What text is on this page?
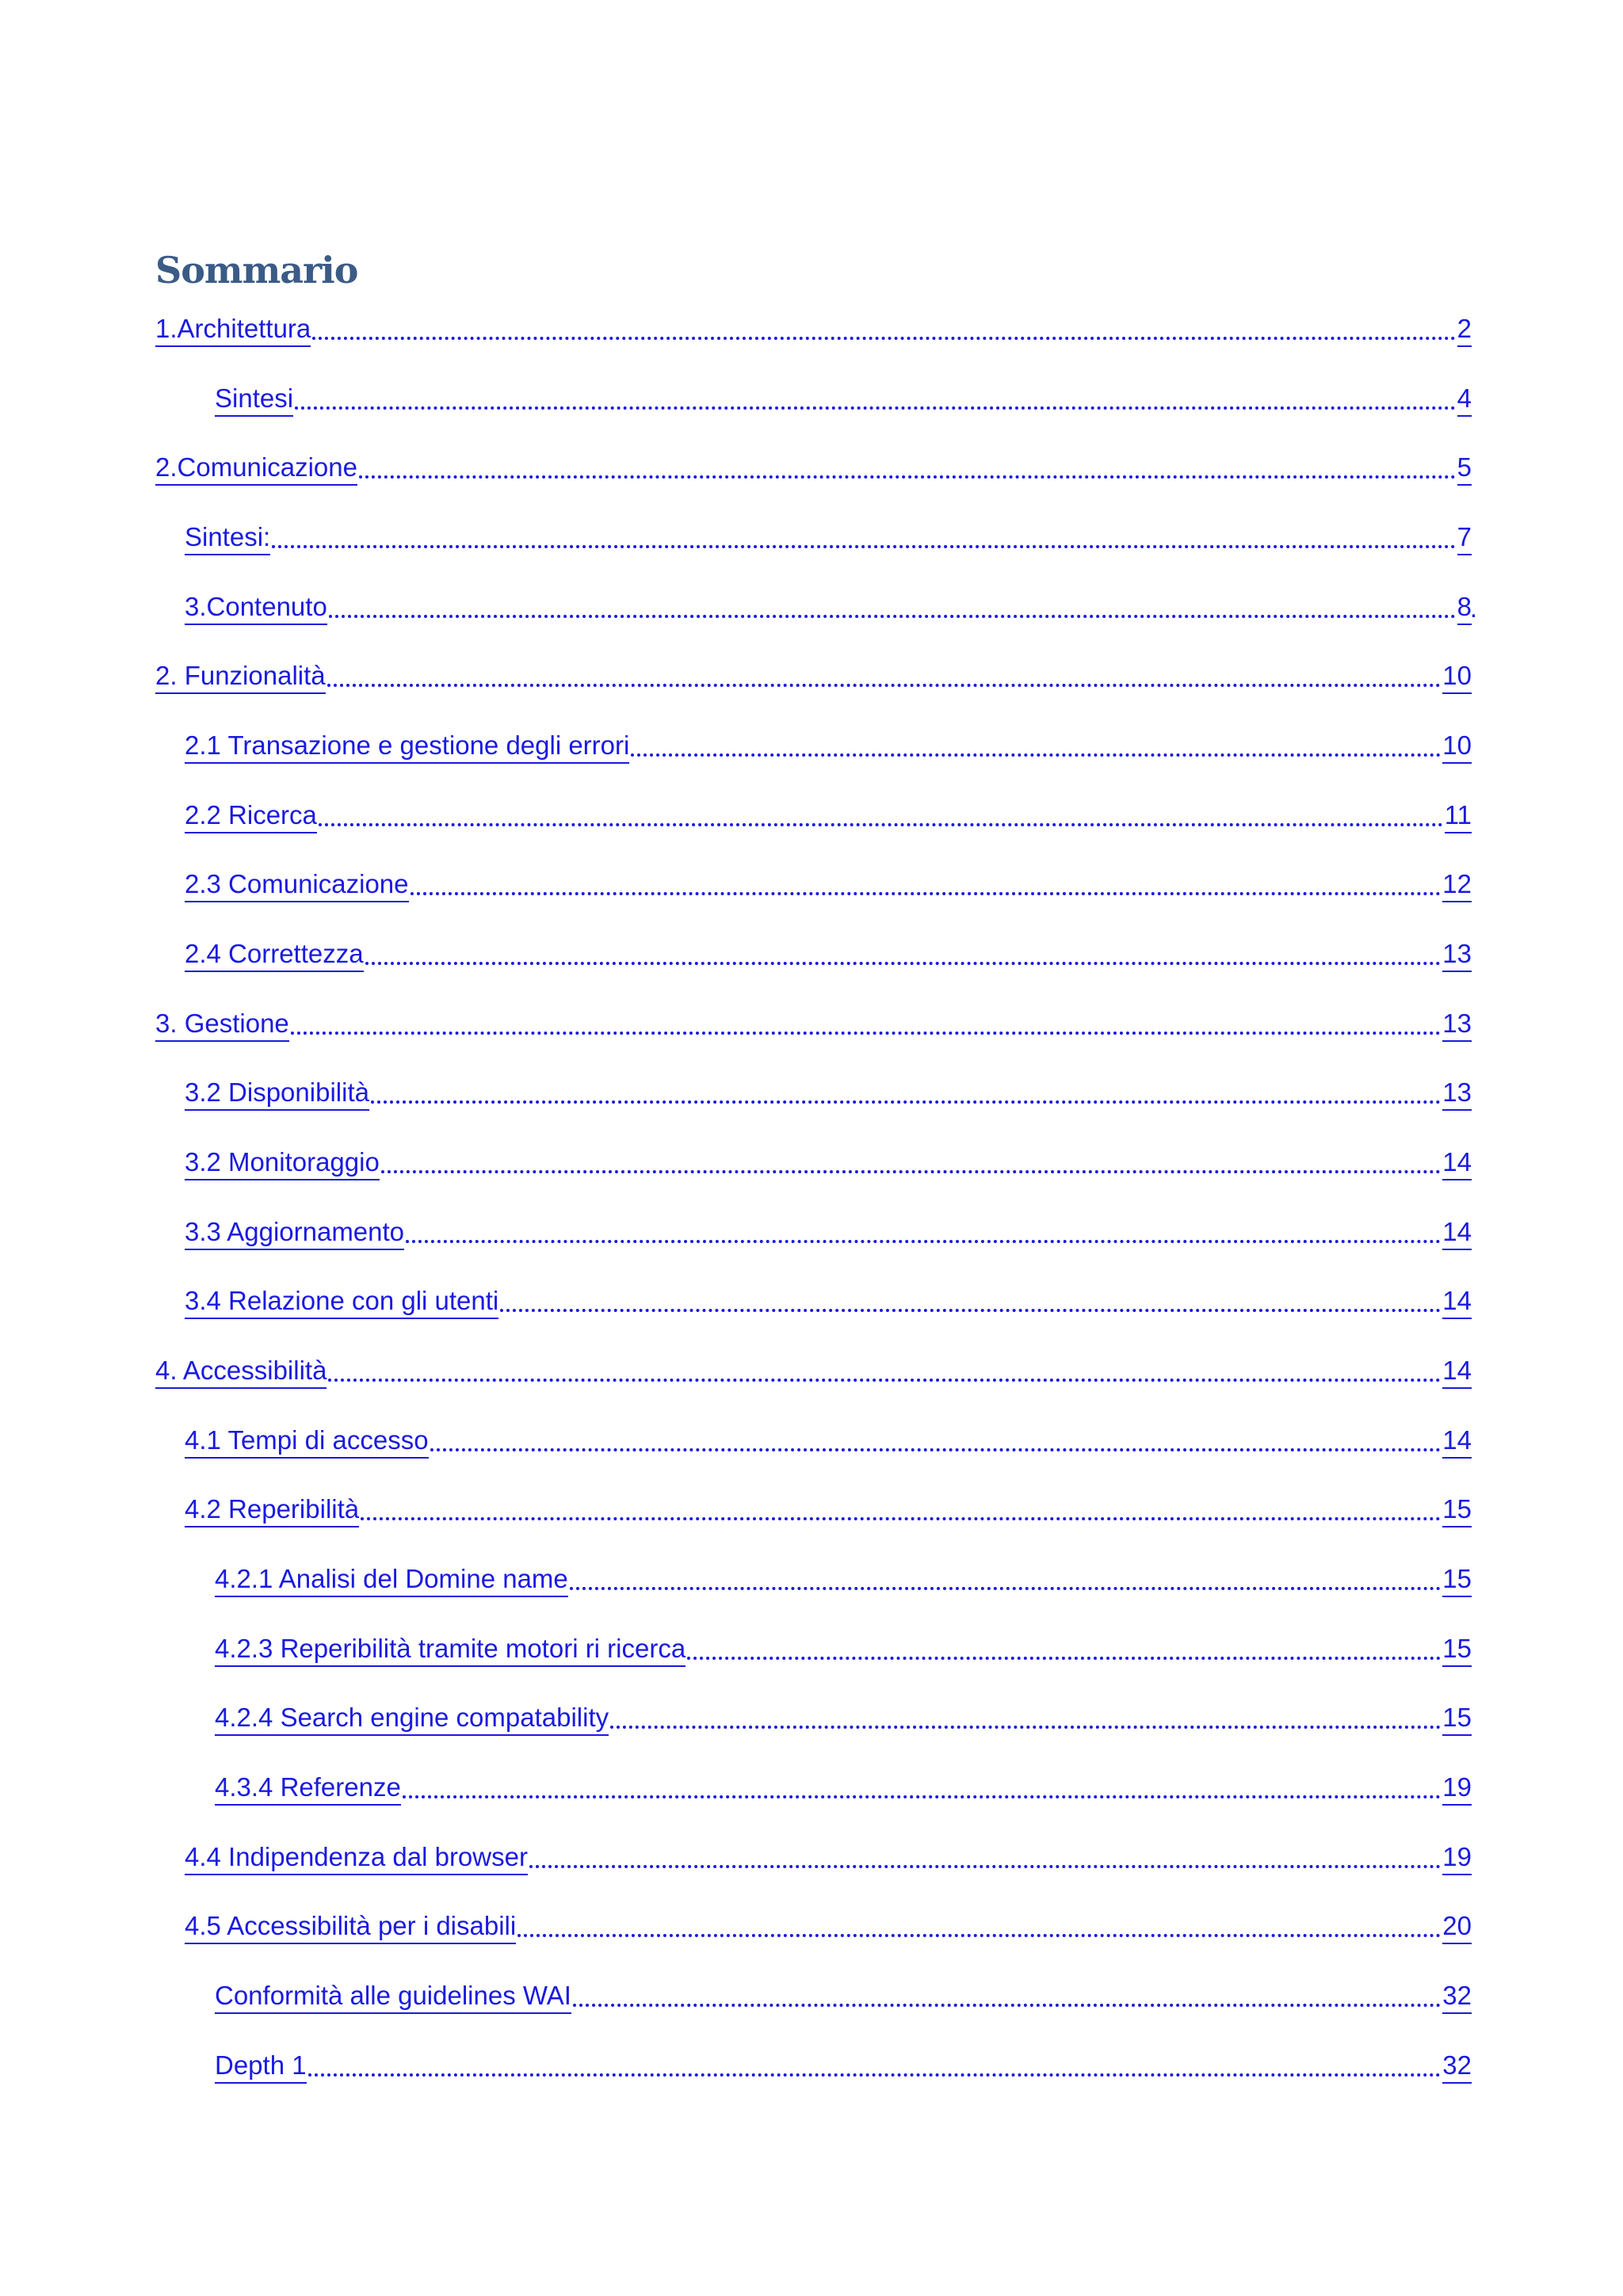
Sommario
1.Architettura	2
Sintesi	4
2.Comunicazione	5
Sintesi:	7
3.Contenuto	8
.
2. Funzionalità	10
2.1 Transazione e gestione degli errori	10
2.2 Ricerca	11
2.3 Comunicazione	12
2.4 Correttezza	13
3. Gestione	13
3.2 Disponibilità	13
3.2 Monitoraggio	14
3.3 Aggiornamento	14
3.4 Relazione con gli utenti	14
4. Accessibilità	14
4.1 Tempi di accesso	14
4.2 Reperibilità	15
4.2.1 Analisi del Domine name	15
4.2.3 Reperibilità tramite motori ri ricerca	15
4.2.4 Search engine compatability	15
4.3.4 Referenze	19
4.4 Indipendenza dal browser	19
4.5 Accessibilità per i disabili	20
Conformità alle guidelines WAI	32
Depth 1	32
